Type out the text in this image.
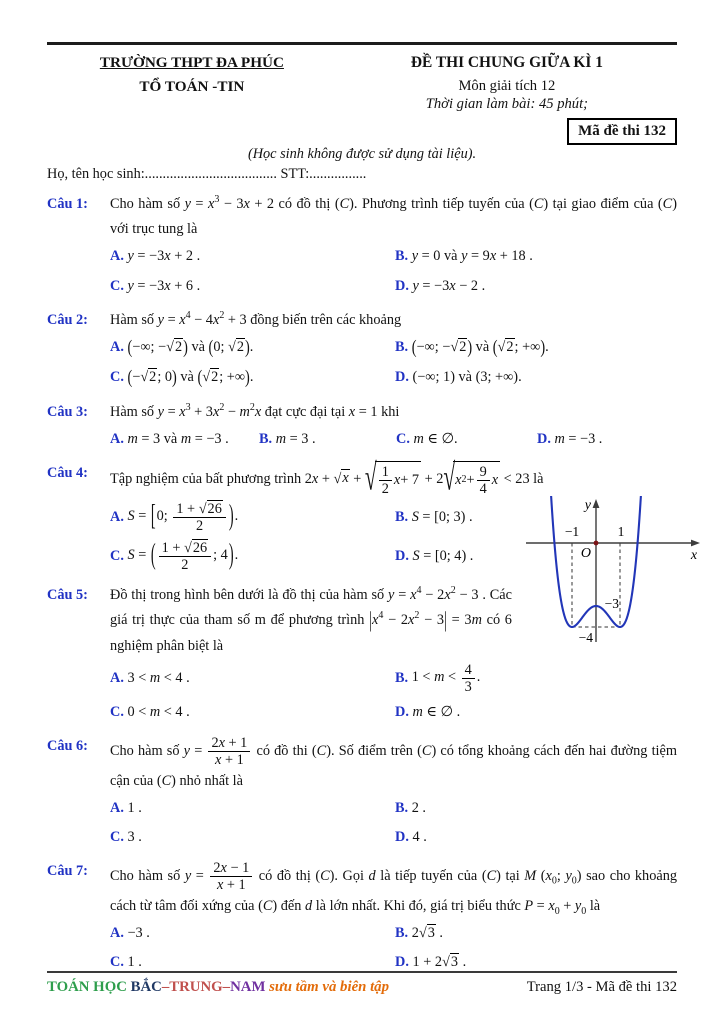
TRƯỜNG THPT ĐA PHÚC
TỔ TOÁN -TIN
ĐỀ THI CHUNG GIỮA KÌ 1
Môn giải tích 12
Thời gian làm bài: 45 phút;
Mã đề thi 132
(Học sinh không được sử dụng tài liệu).
Họ, tên học sinh:..................................... STT:................
Câu 1:	Cho hàm số $y = x^3 - 3x + 2$ có đồ thị (C). Phương trình tiếp tuyến của (C) tại giao điểm của (C) với trục tung là
A. y = −3x + 2 .	B. y = 0 và y = 9x + 18 .
C. y = −3x + 6 .	D. y = −3x − 2 .
Câu 2:	Hàm số $y = x^4 - 4x^2 + 3$ đồng biến trên các khoảng
A. (−∞; −√2) và (0; √2).	B. (−∞; −√2) và (√2; +∞).
C. (−√2; 0) và (√2; +∞).	D. (−∞; 1) và (3; +∞).
Câu 3:	Hàm số $y = x^3 + 3x^2 - m^2x$ đạt cực đại tại x = 1 khi
A. m = 3 và m = −3 .	B. m = 3 .	C. m ∈ ∅.	D. m = −3 .
Câu 4:	Tập nghiệm của bất phương trình 2x + √x + √ 1
2
x + 7 + 2 √ x 2 + 9
4
x < 23 là
A. S = [0; $\frac{1 + √26}{2}$ ).	B. S = [0; 3) .
C. S = ( $\frac{1 + √26}{2}$ ; 4).	D. S = [0; 4) .
Câu 5:	Đồ thị trong hình bên dưới là đồ thị của hàm số $y = x^4 - 2x^2 - 3$ . Các giá trị thực của tham số m để phương trình $|x^4 - 2x^2 - 3| = 3m$ có 6 nghiệm phân biệt là
A. 3 < m < 4 .	B. $1 < m < \frac{4}{3}$ .
C. 0 < m < 4 .	D. m ∈ ∅ .
Câu 6:	Cho hàm số $y = \frac{2x + 1}{x + 1}$ có đồ thi (C). Số điểm trên (C) có tổng khoảng cách đến hai đường tiệm cận của (C) nhỏ nhất là
A. 1 .	B. 2 .
C. 3 .	D. 4 .
Câu 7:	Cho hàm số $y = \frac{2x - 1}{x + 1}$ có đồ thị (C). Gọi d là tiếp tuyến của (C) tại M ($x_0$; $y_0$) sao cho khoảng cách từ tâm đối xứng của (C) đến d là lớn nhất. Khi đó, giá trị biểu thức $P = x_0 + y_0$ là
A. −3 .	B. 2√3 .
C. 1 .	D. 1 + 2√3 .
−1	1
−3
−4
x
y
O
TOÁN HỌC BẮC–TRUNG–NAM sưu tầm và biên tập	Trang 1/3 - Mã đề thi 132
